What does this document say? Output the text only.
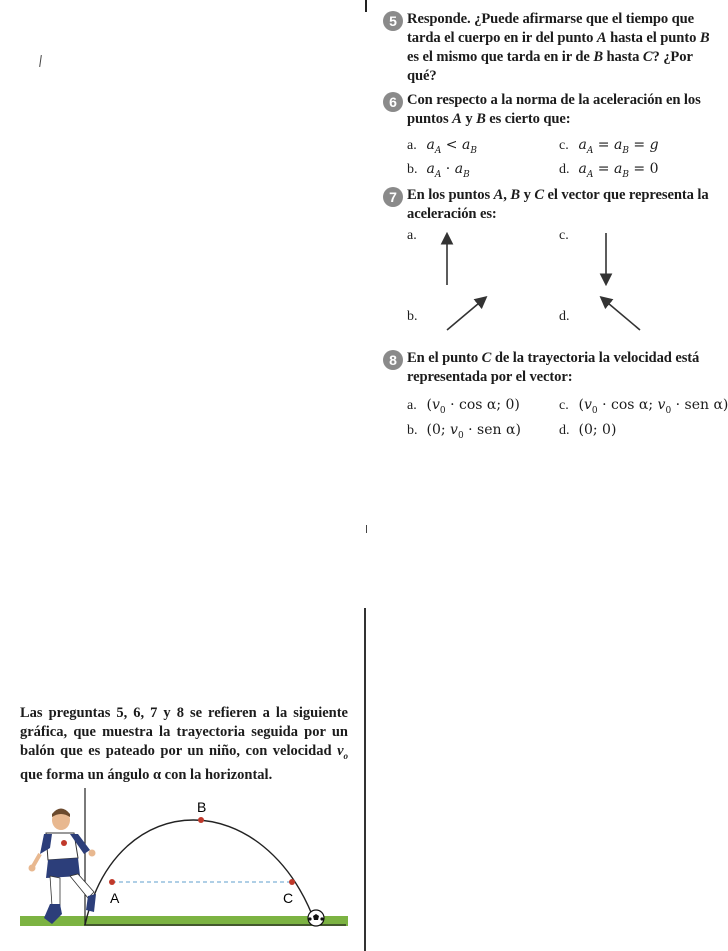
5 Responde. ¿Puede afirmarse que el tiempo que tarda el cuerpo en ir del punto A hasta el punto B es el mismo que tarda en ir de B hasta C? ¿Por qué?
6 Con respecto a la norma de la aceleración en los puntos A y B es cierto que:
a. $a_A < a_B$	c. $a_A = a_B = g$
b. $a_A \cdot a_B$	d. $a_A = a_B = 0$
7 En los puntos A, B y C el vector que representa la aceleración es:
a.	c.
b.	d.
8 En el punto C de la trayectoria la velocidad está representada por el vector:
a. ($v_0 \cdot \cos \alpha$; 0)	c. ($v_0 \cdot \cos \alpha$; $v_0$ · sen α)
b. (0; $v_0$ · sen α)	d. (0; 0)
Las preguntas 5, 6, 7 y 8 se refieren a la siguiente gráfica, que muestra la trayectoria seguida por un balón que es pateado por un niño, con velocidad $v_o$ que forma un ángulo α con la horizontal.
A
B
C
